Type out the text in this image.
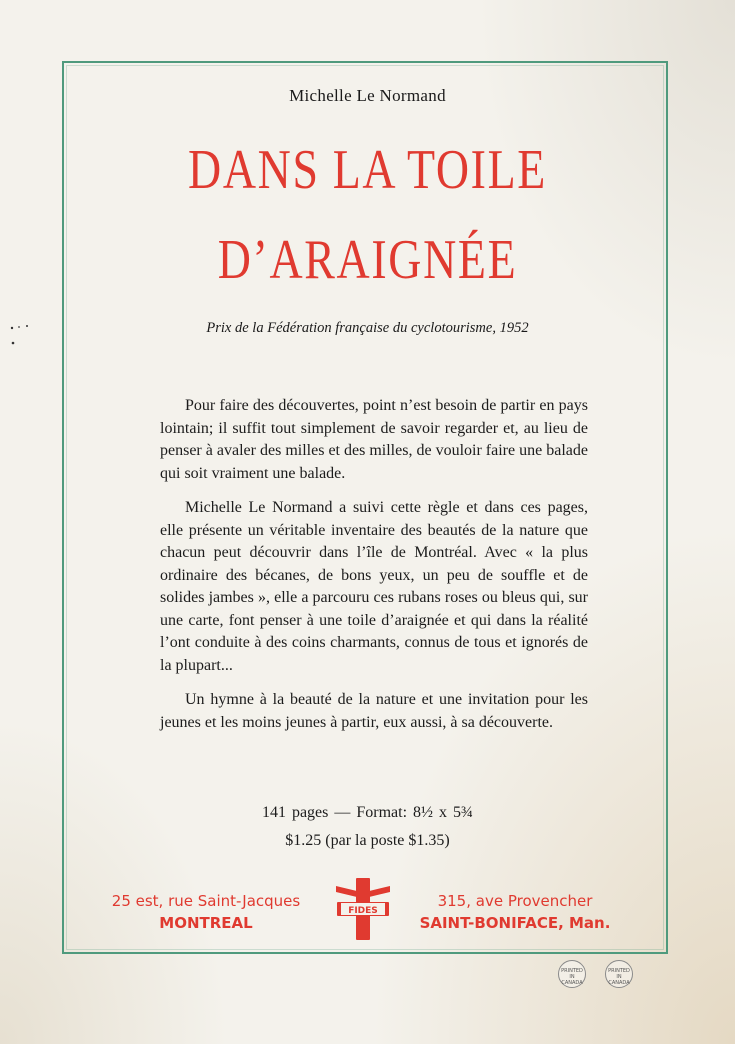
Michelle Le Normand
DANS LA TOILE
D’ARAIGNÉE
Prix de la Fédération française du cyclotourisme, 1952

Pour faire des découvertes, point n’est besoin de partir en pays lointain; il suffit tout simplement de savoir regarder et, au lieu de penser à avaler des milles et des milles, de vouloir faire une balade qui soit vraiment une balade.

Michelle Le Normand a suivi cette règle et dans ces pages, elle présente un véritable inventaire des beautés de la nature que chacun peut découvrir dans l’île de Montréal. Avec « la plus ordinaire des bécanes, de bons yeux, un peu de souffle et de solides jambes », elle a parcouru ces rubans roses ou bleus qui, sur une carte, font penser à une toile d’araignée et qui dans la réalité l’ont conduite à des coins charmants, connus de tous et ignorés de la plupart...

Un hymne à la beauté de la nature et une invitation pour les jeunes et les moins jeunes à partir, eux aussi, à sa découverte.

141 pages — Format: 8½ x 5¾
$1.25 (par la poste $1.35)
25 est, rue Saint-Jacques
MONTREAL
FIDES
315, ave Provencher
SAINT-BONIFACE, Man.
PRINTED IN CANADA
PRINTED IN CANADA
